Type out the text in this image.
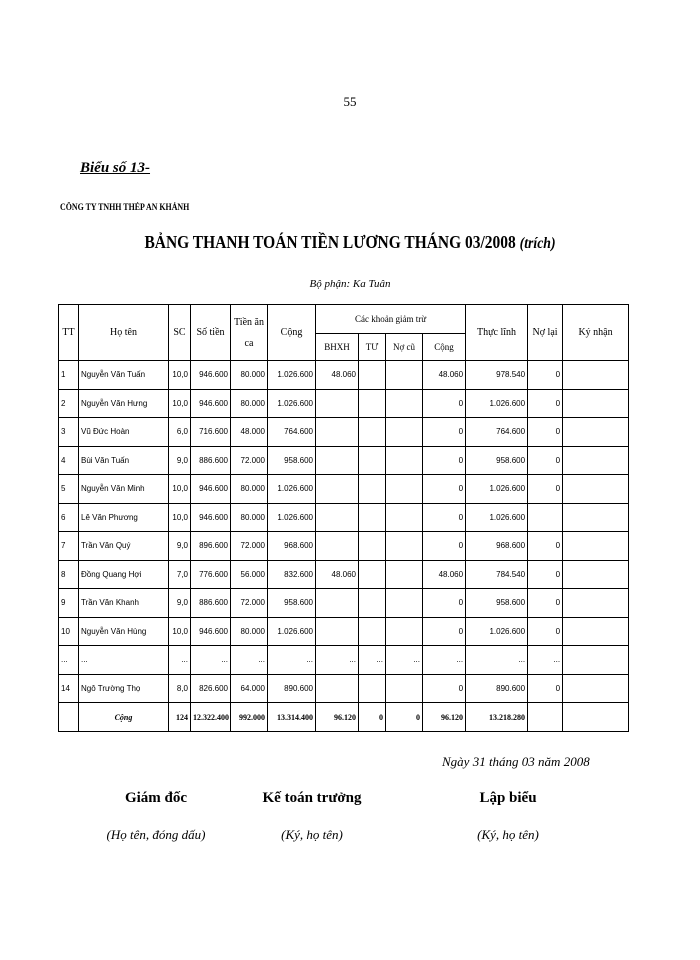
55
Biểu số 13-
CÔNG TY TNHH THÉP AN KHÁNH
BẢNG THANH TOÁN TIỀN LƯƠNG THÁNG 03/2008 (trích)
Bộ phận: Ka Tuân
TT	Họ tên	SC	Số tiền	Tiền ăn
ca	Cộng	Các khoản giảm trừ				Thực lĩnh	Nợ lại	Ký nhận
						BHXH	TƯ	Nợ cũ	Cộng			
1	Nguyễn Văn Tuấn	10,0	946.600	80.000	1.026.600	48.060			48.060	978.540	0	
2	Nguyễn Văn Hưng	10,0	946.600	80.000	1.026.600				0	1.026.600	0	
3	Vũ Đức Hoàn	6,0	716.600	48.000	764.600				0	764.600	0	
4	Bùi Văn Tuấn	9,0	886.600	72.000	958.600				0	958.600	0	
5	Nguyễn Văn Minh	10,0	946.600	80.000	1.026.600				0	1.026.600	0	
6	Lê Văn Phương	10,0	946.600	80.000	1.026.600				0	1.026.600		
7	Trần Văn Quý	9,0	896.600	72.000	968.600				0	968.600	0	
8	Đồng Quang Hợi	7,0	776.600	56.000	832.600	48.060			48.060	784.540	0	
9	Trần Văn Khanh	9,0	886.600	72.000	958.600				0	958.600	0	
10	Nguyễn Văn Hùng	10,0	946.600	80.000	1.026.600				0	1.026.600	0	
...	...	...	...	...	...	...	...	...	...	...	...	
14	Ngô Trường Thọ	8,0	826.600	64.000	890.600				0	890.600	0	
	Cộng	124	12.322.400	992.000	13.314.400	96.120	0	0	96.120	13.218.280		
Ngày 31 tháng 03 năm 2008
Giám đốc
(Họ tên, đóng dấu)
Kế toán trưởng
(Ký, họ tên)
Lập biểu
(Ký, họ tên)
